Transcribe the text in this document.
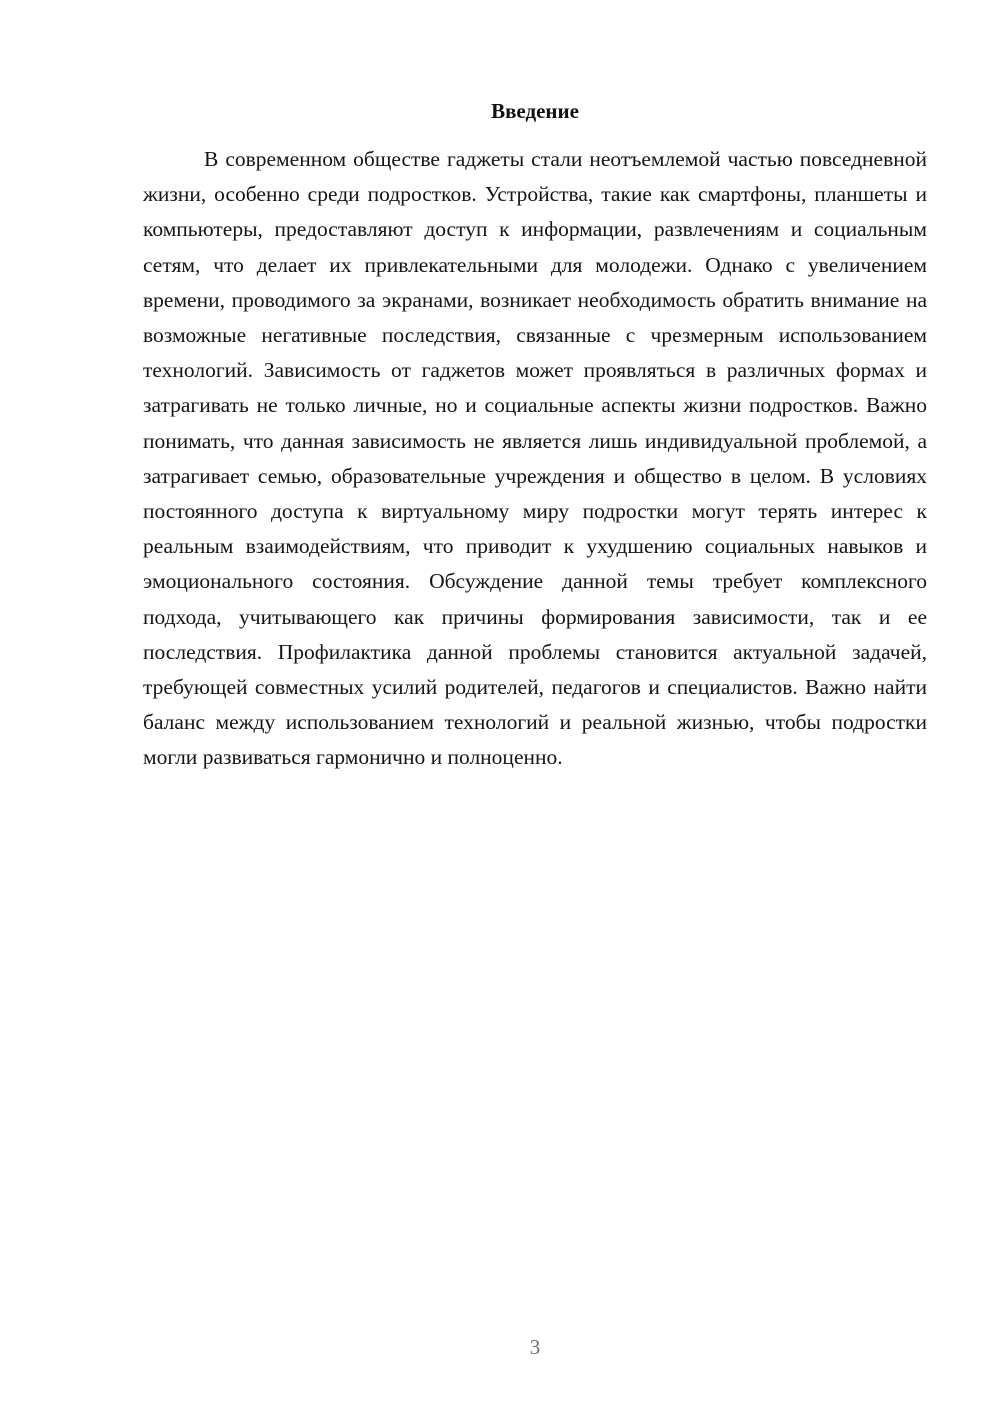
Введение

В современном обществе гаджеты стали неотъемлемой частью повседневной жизни, особенно среди подростков. Устройства, такие как смартфоны, планшеты и компьютеры, предоставляют доступ к информации, развлечениям и социальным сетям, что делает их привлекательными для молодежи. Однако с увеличением времени, проводимого за экранами, возникает необходимость обратить внимание на возможные негативные последствия, связанные с чрезмерным использованием технологий. Зависимость от гаджетов может проявляться в различных формах и затрагивать не только личные, но и социальные аспекты жизни подростков. Важно понимать, что данная зависимость не является лишь индивидуальной проблемой, а затрагивает семью, образовательные учреждения и общество в целом. В условиях постоянного доступа к виртуальному миру подростки могут терять интерес к реальным взаимодействиям, что приводит к ухудшению социальных навыков и эмоционального состояния. Обсуждение данной темы требует комплексного подхода, учитывающего как причины формирования зависимости, так и ее последствия. Профилактика данной проблемы становится актуальной задачей, требующей совместных усилий родителей, педагогов и специалистов. Важно найти баланс между использованием технологий и реальной жизнью, чтобы подростки могли развиваться гармонично и полноценно.

3
